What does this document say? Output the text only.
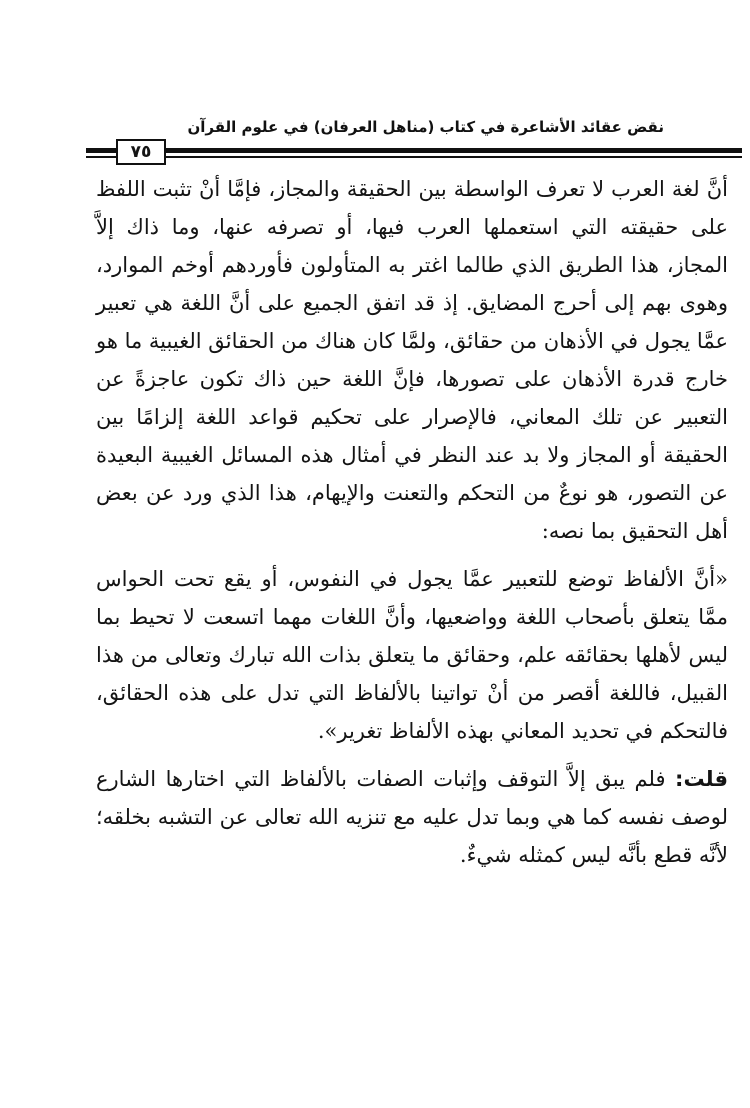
نقض عقائد الأشاعرة في كتاب (مناهل العرفان) في علوم القرآن
٧٥

أنَّ لغة العرب لا تعرف الواسطة بين الحقيقة والمجاز، فإمَّا أنْ تثبت اللفظ على حقيقته التي استعملها العرب فيها، أو تصرفه عنها، وما ذاك إلاَّ المجاز، هذا الطريق الذي طالما اغتر به المتأولون فأوردهم أوخم الموارد، وهوى بهم إلى أحرج المضايق. إذ قد اتفق الجميع على أنَّ اللغة هي تعبير عمَّا يجول في الأذهان من حقائق، ولمَّا كان هناك من الحقائق الغيبية ما هو خارج قدرة الأذهان على تصورها، فإنَّ اللغة حين ذاك تكون عاجزةً عن التعبير عن تلك المعاني، فالإصرار على تحكيم قواعد اللغة إلزامًا بين الحقيقة أو المجاز ولا بد عند النظر في أمثال هذه المسائل الغيبية البعيدة عن التصور، هو نوعٌ من التحكم والتعنت والإيهام، هذا الذي ورد عن بعض أهل التحقيق بما نصه:

«أنَّ الألفاظ توضع للتعبير عمَّا يجول في النفوس، أو يقع تحت الحواس ممَّا يتعلق بأصحاب اللغة وواضعيها، وأنَّ اللغات مهما اتسعت لا تحيط بما ليس لأهلها بحقائقه علم، وحقائق ما يتعلق بذات الله تبارك وتعالى من هذا القبيل، فاللغة أقصر من أنْ تواتينا بالألفاظ التي تدل على هذه الحقائق، فالتحكم في تحديد المعاني بهذه الألفاظ تغرير».

قلت: فلم يبق إلاَّ التوقف وإثبات الصفات بالألفاظ التي اختارها الشارع لوصف نفسه كما هي وبما تدل عليه مع تنزيه الله تعالى عن التشبه بخلقه؛ لأنَّه قطع بأنَّه ليس كمثله شيءٌ.
